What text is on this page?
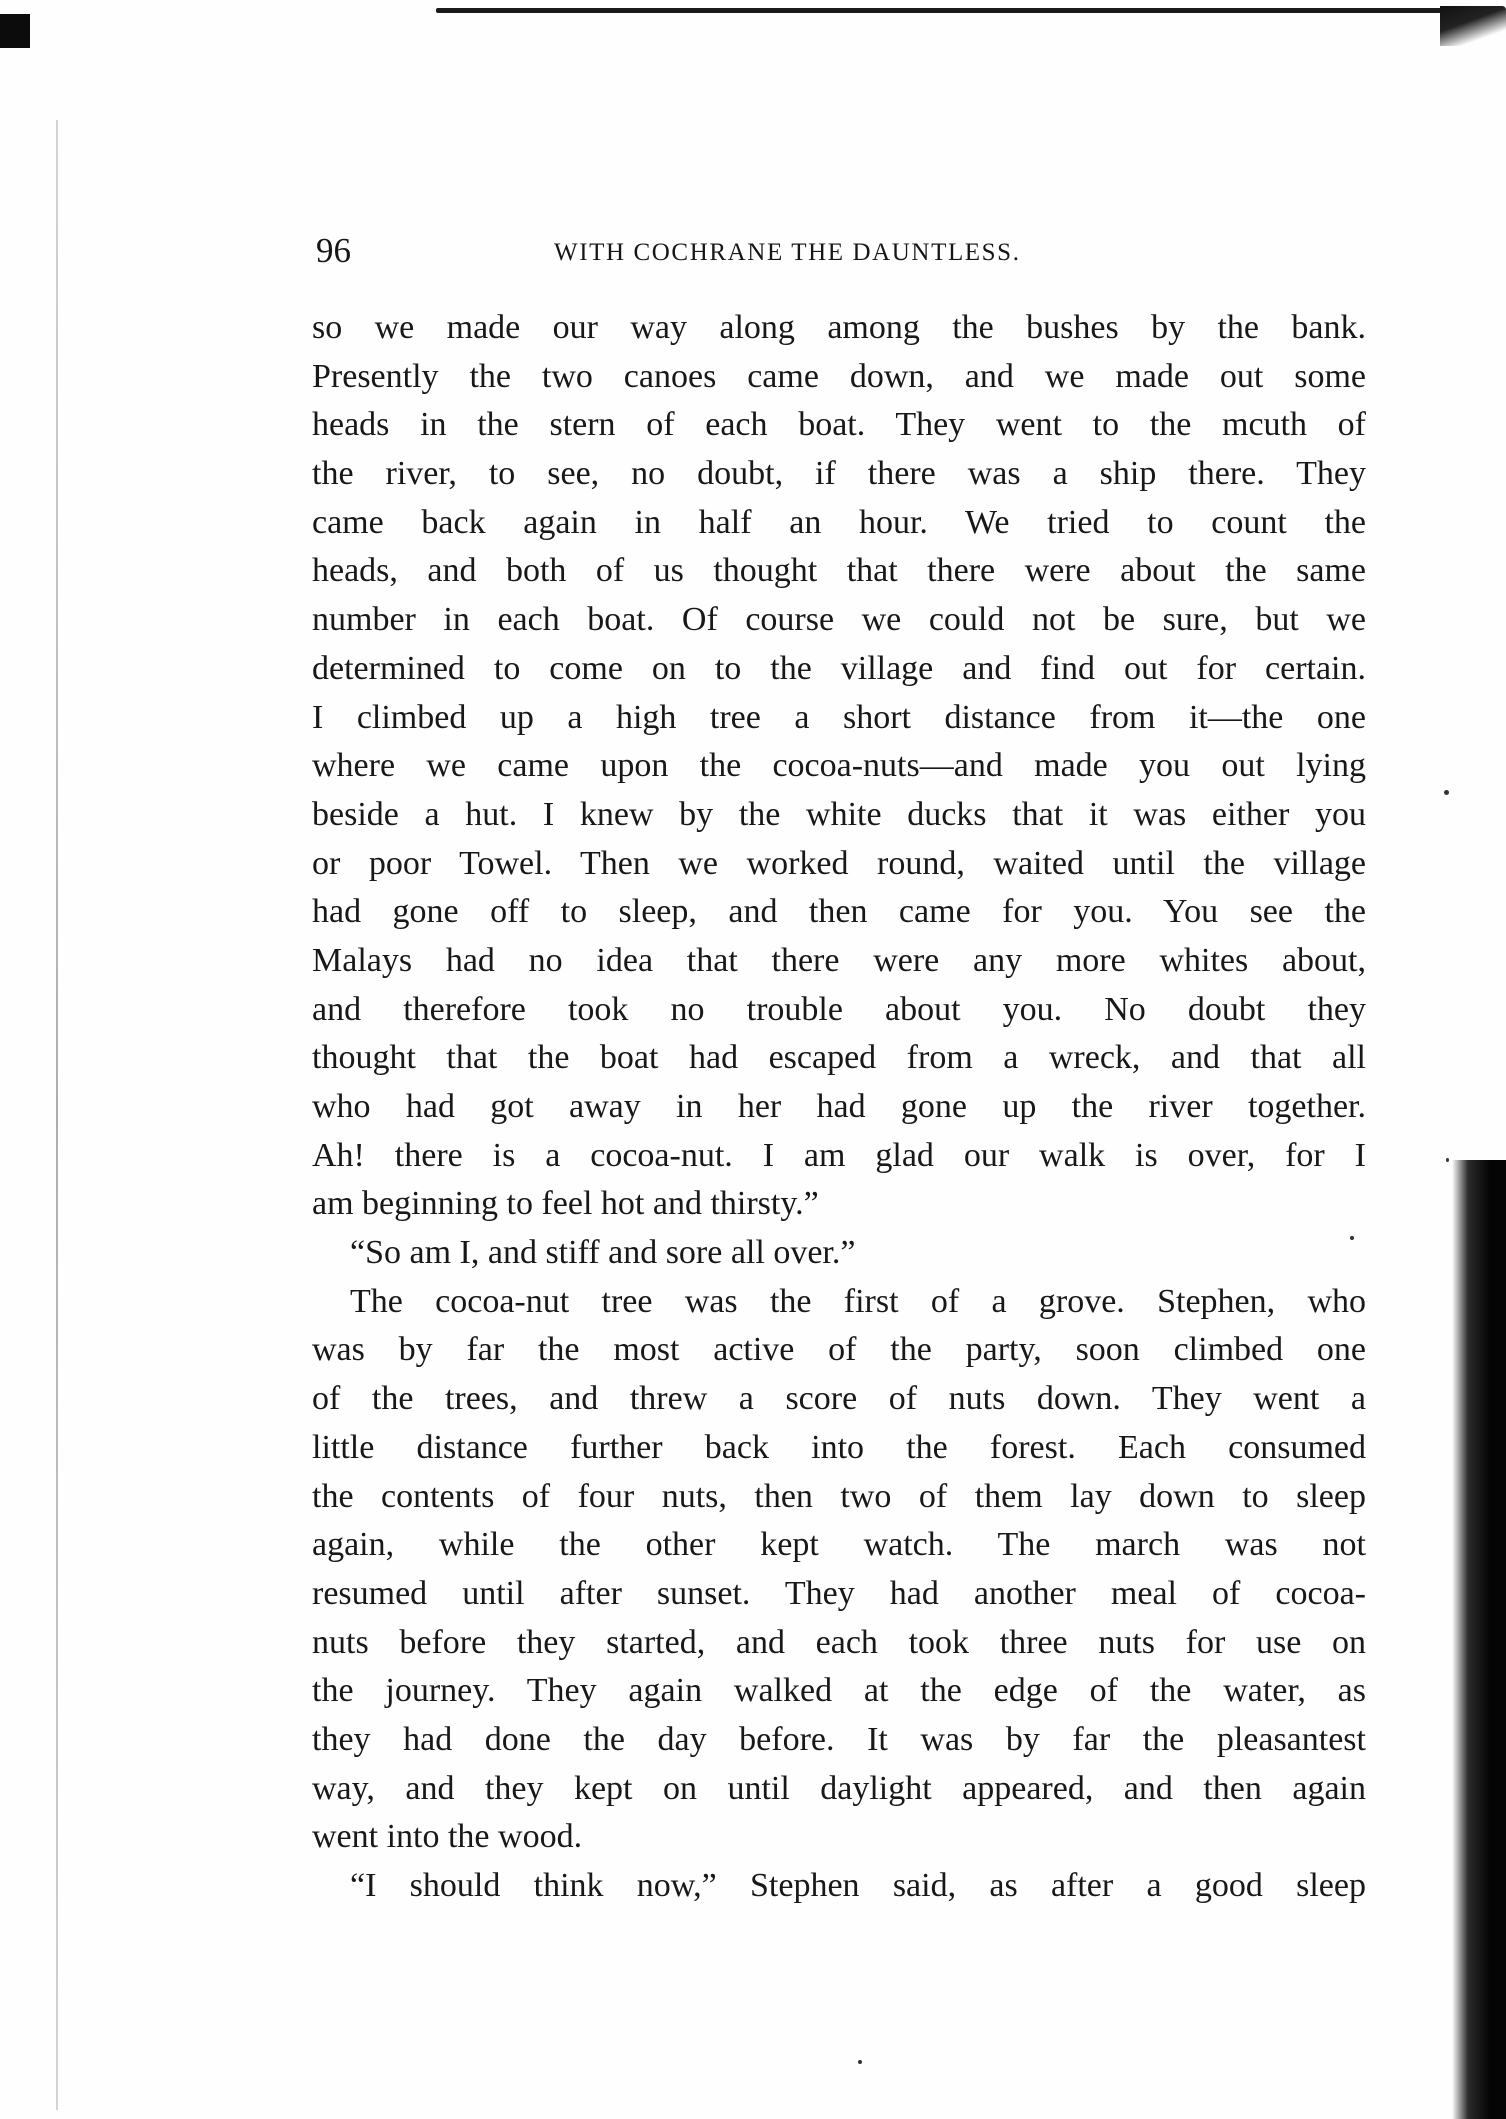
96	WITH COCHRANE THE DAUNTLESS.
so we made our way along among the bushes by the bank.
Presently the two canoes came down, and we made out some
heads in the stern of each boat. They went to the mcuth of
the river, to see, no doubt, if there was a ship there. They
came back again in half an hour. We tried to count the
heads, and both of us thought that there were about the same
number in each boat. Of course we could not be sure, but we
determined to come on to the village and find out for certain.
I climbed up a high tree a short distance from it—the one
where we came upon the cocoa-nuts—and made you out lying
beside a hut. I knew by the white ducks that it was either you
or poor Towel. Then we worked round, waited until the village
had gone off to sleep, and then came for you. You see the
Malays had no idea that there were any more whites about,
and therefore took no trouble about you. No doubt they
thought that the boat had escaped from a wreck, and that all
who had got away in her had gone up the river together.
Ah! there is a cocoa-nut. I am glad our walk is over, for I
am beginning to feel hot and thirsty.”
“So am I, and stiff and sore all over.”
The cocoa-nut tree was the first of a grove. Stephen, who
was by far the most active of the party, soon climbed one
of the trees, and threw a score of nuts down. They went a
little distance further back into the forest. Each consumed
the contents of four nuts, then two of them lay down to sleep
again, while the other kept watch. The march was not
resumed until after sunset. They had another meal of cocoa-
nuts before they started, and each took three nuts for use on
the journey. They again walked at the edge of the water, as
they had done the day before. It was by far the pleasantest
way, and they kept on until daylight appeared, and then again
went into the wood.
“I should think now,” Stephen said, as after a good sleep
